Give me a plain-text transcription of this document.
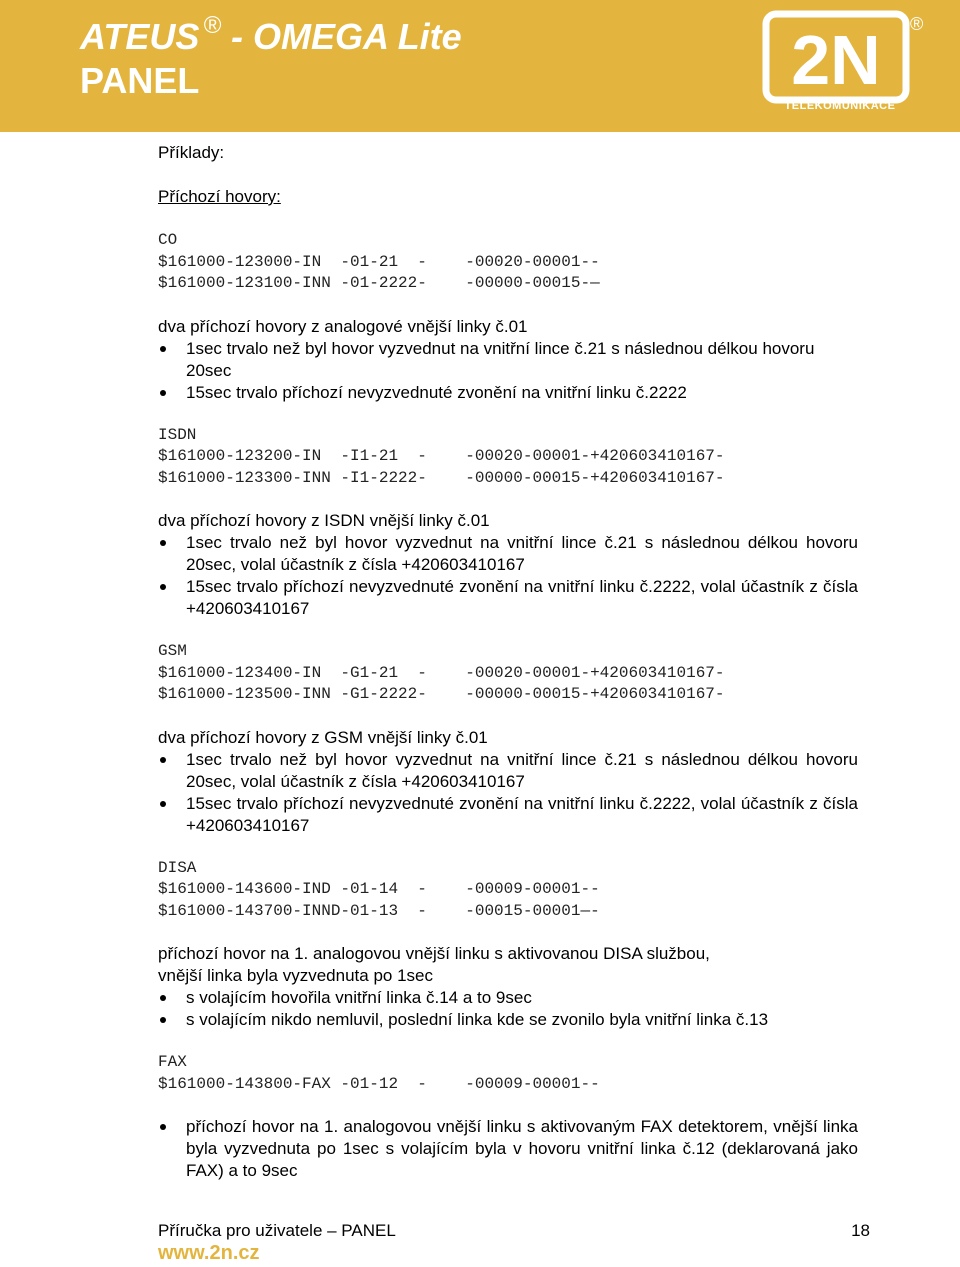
ATEUS ® - OMEGA Lite
PANEL	2N ®
TELEKOMUNIKACE

Příklady:

Příchozí hovory:

CO

$161000-123000-IN  -01-21  -    -00020-00001--

$161000-123100-INN -01-2222-    -00000-00015-—

dva příchozí hovory z analogové vnější linky č.01

1sec trvalo než byl hovor vyzvednut na vnitřní lince č.21 s následnou délkou hovoru 20sec
15sec trvalo příchozí nevyzvednuté zvonění na vnitřní linku č.2222

ISDN

$161000-123200-IN  -I1-21  -    -00020-00001-+420603410167-

$161000-123300-INN -I1-2222-    -00000-00015-+420603410167-

dva příchozí hovory z ISDN vnější linky č.01

1sec trvalo než byl hovor vyzvednut na vnitřní lince č.21 s následnou délkou hovoru 20sec, volal účastník z čísla +420603410167
15sec trvalo příchozí nevyzvednuté zvonění na vnitřní linku č.2222, volal účastník z čísla +420603410167

GSM

$161000-123400-IN  -G1-21  -    -00020-00001-+420603410167-

$161000-123500-INN -G1-2222-    -00000-00015-+420603410167-

dva příchozí hovory z GSM vnější linky č.01

1sec trvalo než byl hovor vyzvednut na vnitřní lince č.21 s následnou délkou hovoru 20sec, volal účastník z čísla +420603410167
15sec trvalo příchozí nevyzvednuté zvonění na vnitřní linku č.2222, volal účastník z čísla +420603410167

DISA

$161000-143600-IND -01-14  -    -00009-00001--

$161000-143700-INND-01-13  -    -00015-00001—-

příchozí hovor na 1. analogovou vnější linku s aktivovanou DISA službou,

vnější linka byla vyzvednuta po 1sec

s volajícím hovořila vnitřní linka č.14 a to 9sec
s volajícím nikdo nemluvil, poslední linka kde se zvonilo byla vnitřní linka č.13

FAX

$161000-143800-FAX -01-12  -    -00009-00001--

příchozí hovor na 1. analogovou vnější linku s aktivovaným FAX detektorem, vnější linka byla vyzvednuta po 1sec s volajícím byla v hovoru vnitřní linka č.12 (deklarovaná jako FAX) a to 9sec
Příručka pro uživatele – PANEL	18
www.2n.cz
